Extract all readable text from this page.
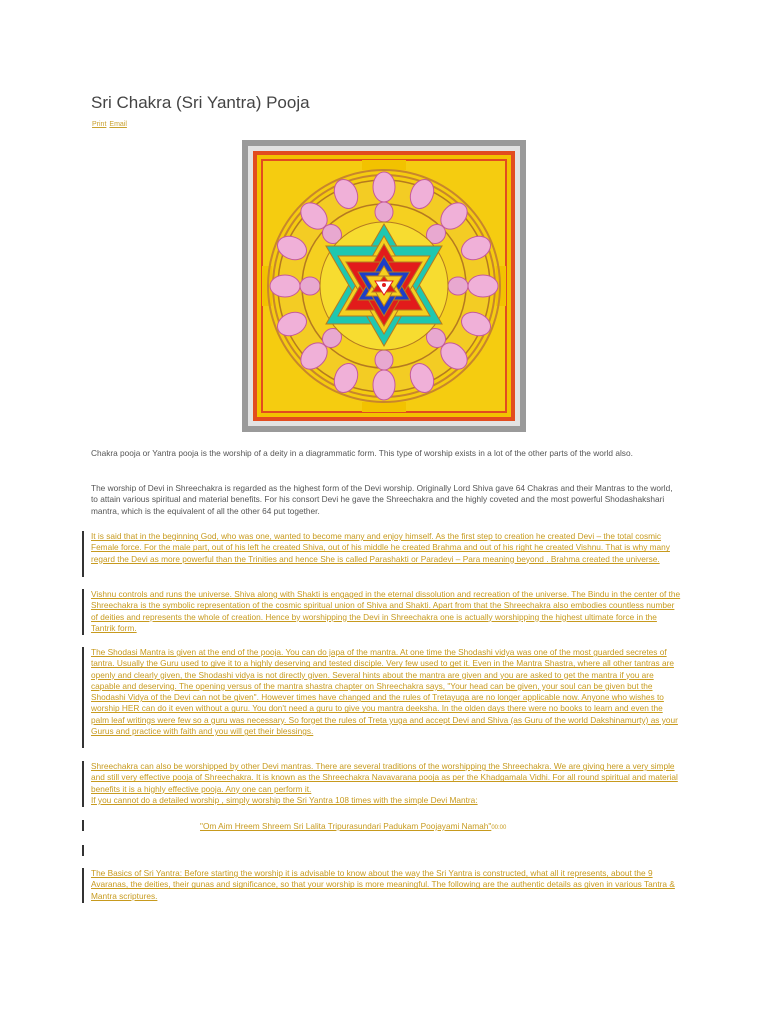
Sri Chakra (Sri Yantra) Pooja
Print Email

Chakra pooja or Yantra pooja is the worship of a deity in a diagrammatic form. This type of worship exists in a lot of the other parts of the world also.

The worship of Devi in Shreechakra is regarded as the highest form of the Devi worship. Originally Lord Shiva gave 64 Chakras and their Mantras to the world, to attain various spiritual and material benefits. For his consort Devi he gave the Shreechakra and the highly coveted and the most powerful Shodashakshari mantra, which is the equivalent of all the other 64 put together.

It is said that in the beginning God, who was one, wanted to become many and enjoy himself. As the first step to creation he created Devi – the total cosmic Female force. For the male part, out of his left he created Shiva, out of his middle he created Brahma and out of his right he created Vishnu. That is why many regard the Devi as more powerful than the Trinities and hence She is called Parashakti or Paradevi – Para meaning beyond . Brahma created the universe.

Vishnu controls and runs the universe. Shiva along with Shakti is engaged in the eternal dissolution and recreation of the universe. The Bindu in the center of the Shreechakra is the symbolic representation of the cosmic spiritual union of Shiva and Shakti. Apart from that the Shreechakra also embodies countless number of deities and represents the whole of creation. Hence by worshipping the Devi in Shreechakra one is actually worshipping the highest ultimate force in the Tantrik form.

The Shodasi Mantra is given at the end of the pooja. You can do japa of the mantra. At one time the Shodashi vidya was one of the most guarded secretes of tantra. Usually the Guru used to give it to a highly deserving and tested disciple. Very few used to get it. Even in the Mantra Shastra, where all other tantras are openly and clearly given, the Shodashi vidya is not directly given. Several hints about the mantra are given and you are asked to get the mantra if you are capable and deserving. The opening versus of the mantra shastra chapter on Shreechakra says, "Your head can be given, your soul can be given but the Shodashi Vidya of the Devi can not be given". However times have changed and the rules of Tretayuga are no longer applicable now. Anyone who wishes to worship HER can do it even without a guru. You don't need a guru to give you mantra deeksha. In the olden days there were no books to learn and even the palm leaf writings were few so a guru was necessary. So forget the rules of Treta yuga and accept Devi and Shiva (as Guru of the world Dakshinamurty) as your Gurus and practice with faith and you will get their blessings.

Shreechakra can also be worshipped by other Devi mantras. There are several traditions of the worshipping the Shreechakra. We are giving here a very simple and still very effective pooja of Shreechakra. It is known as the Shreechakra Navavarana pooja as per the Khadgamala Vidhi. For all round spiritual and material benefits it is a highly effective pooja. Any one can perform it.

If you cannot do a detailed worship , simply worship the Sri Yantra 108 times with the simple Devi Mantra:

"Om Aim Hreem Shreem Sri Lalita Tripurasundari Padukam Poojayami Namah"00:00

The Basics of Sri Yantra: Before starting the worship it is advisable to know about the way the Sri Yantra is constructed, what all it represents, about the 9 Avaranas, the deities, their gunas and significance, so that your worship is more meaningful. The following are the authentic details as given in various Tantra & Mantra scriptures.
